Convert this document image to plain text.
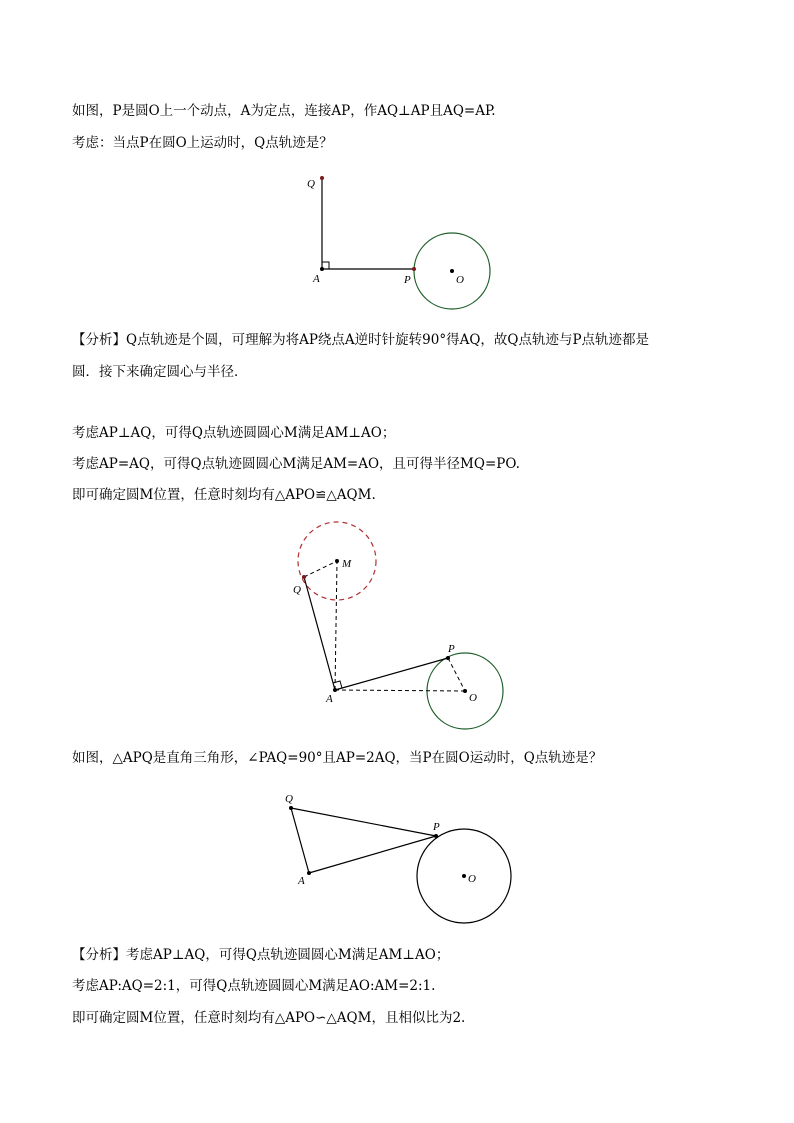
如图，P是圆O上一个动点，A为定点，连接AP，作AQ⊥AP且AQ=AP.
考虑：当点P在圆O上运动时，Q点轨迹是？
Q
A	P	O
【分析】Q点轨迹是个圆，可理解为将AP绕点A逆时针旋转90°得AQ，故Q点轨迹与P点轨迹都是
圆．接下来确定圆心与半径．
考虑AP⊥AQ，可得Q点轨迹圆圆心M满足AM⊥AO；
考虑AP=AQ，可得Q点轨迹圆圆心M满足AM=AO，且可得半径MQ=PO.
即可确定圆M位置，任意时刻均有△APO≌△AQM.
M
Q
P
A	O
如图，△APQ是直角三角形，∠PAQ=90°且AP=2AQ，当P在圆O运动时，Q点轨迹是？
Q
P
A	O
【分析】考虑AP⊥AQ，可得Q点轨迹圆圆心M满足AM⊥AO；
考虑AP:AQ=2:1，可得Q点轨迹圆圆心M满足AO:AM=2:1.
即可确定圆M位置，任意时刻均有△APO∽△AQM，且相似比为2.
